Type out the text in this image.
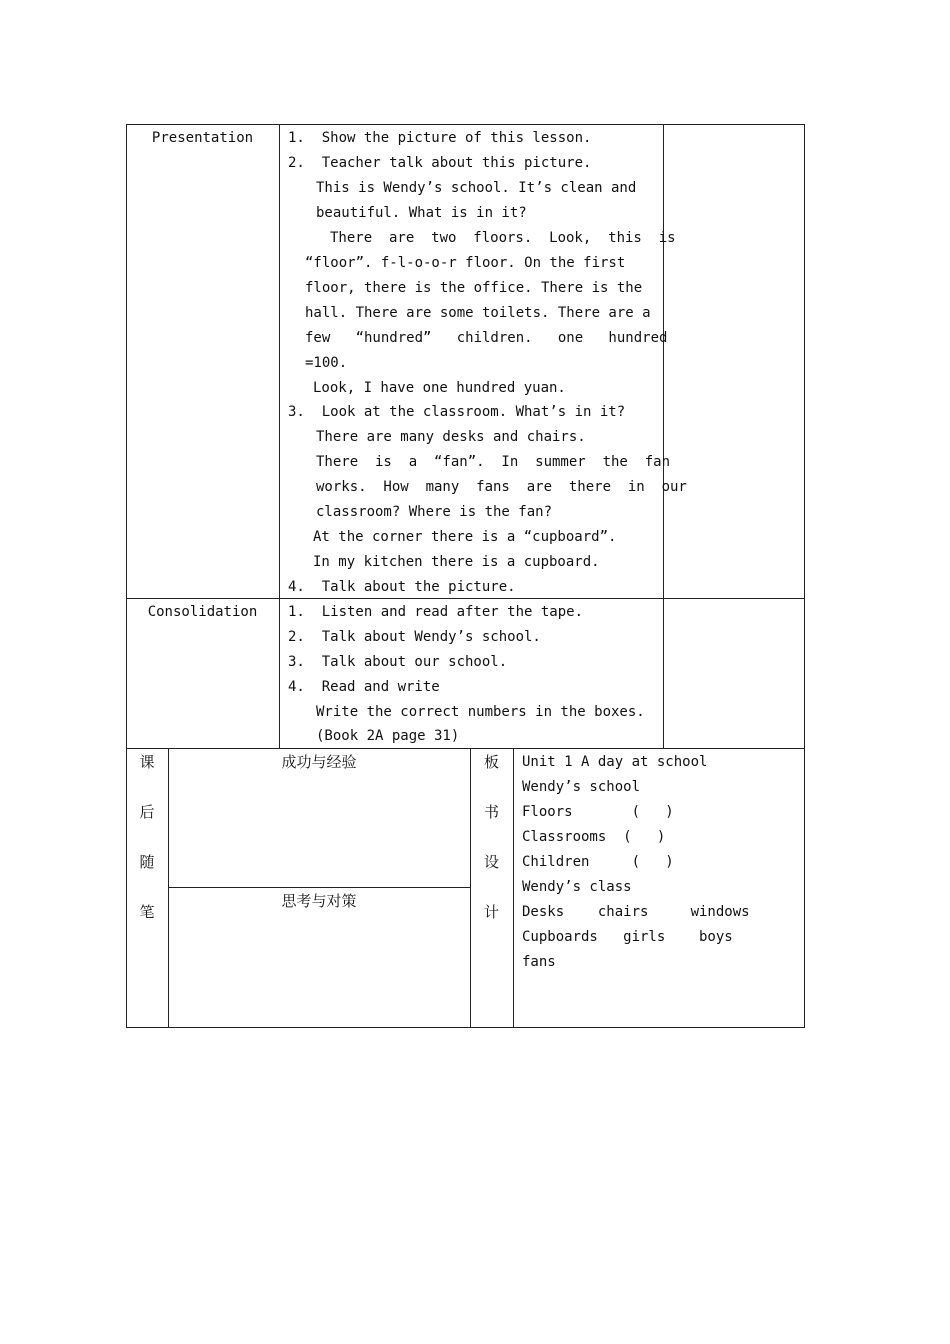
Presentation	1.  Show the picture of this lesson.
2.  Teacher talk about this picture.
This is Wendy’s school. It’s clean and
beautiful. What is in it?
There  are  two  floors.  Look,  this  is
“floor”. f-l-o-o-r floor. On the first
floor, there is the office. There is the
hall. There are some toilets. There are a
few   “hundred”   children.   one   hundred
=100.
Look, I have one hundred yuan.
3.  Look at the classroom. What’s in it?
There are many desks and chairs.
There  is  a  “fan”.  In  summer  the  fan
works.  How  many  fans  are  there  in  our
classroom? Where is the fan?
At the corner there is a “cupboard”.
In my kitchen there is a cupboard.
4.  Talk about the picture.
Consolidation	1.  Listen and read after the tape.
2.  Talk about Wendy’s school.
3.  Talk about our school.
4.  Read and write
Write the correct numbers in the boxes.
(Book 2A page 31)
课
后
随
笔
成功与经验
思考与对策
板
书
设
计
Unit 1 A day at school
Wendy’s school
Floors       (   )
Classrooms  (   )
Children     (   )
Wendy’s class
Desks    chairs     windows
Cupboards   girls    boys
fans
